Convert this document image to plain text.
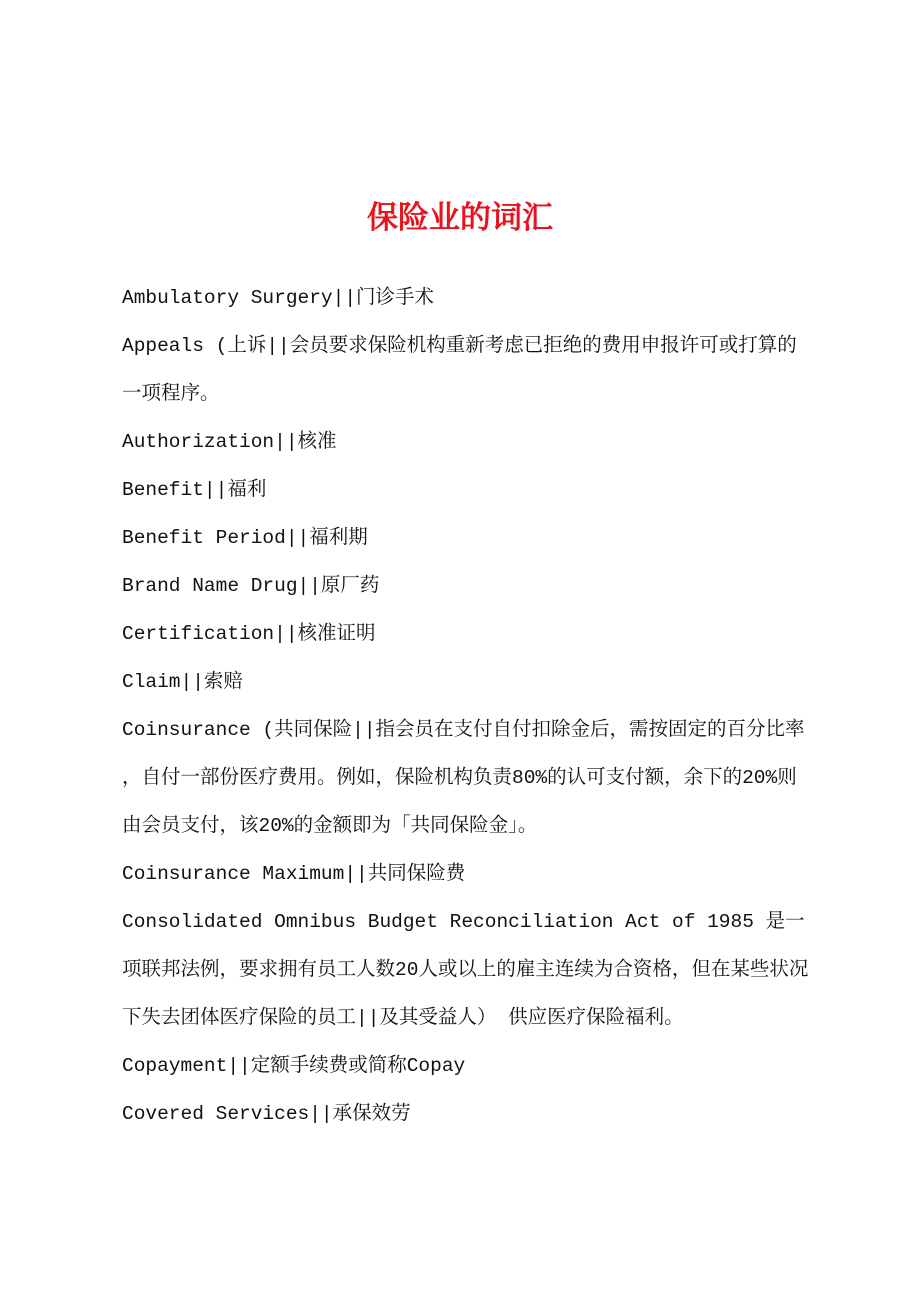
保险业的词汇
Ambulatory Surgery||门诊手术
Appeals (上诉||会员要求保险机构重新考虑已拒绝的费用申报许可或打算的一项程序。
Authorization||核准
Benefit||福利
Benefit Period||福利期
Brand Name Drug||原厂药
Certification||核准证明
Claim||索赔
Coinsurance (共同保险||指会员在支付自付扣除金后，需按固定的百分比率，自付一部份医疗费用。例如，保险机构负责80%的认可支付额，余下的20%则由会员支付，该20%的金额即为「共同保险金」。
Coinsurance Maximum||共同保险费
Consolidated Omnibus Budget Reconciliation Act of 1985 是一项联邦法例，要求拥有员工人数20人或以上的雇主连续为合资格，但在某些状况下失去团体医疗保险的员工||及其受益人） 供应医疗保险福利。
Copayment||定额手续费或简称Copay
Covered Services||承保效劳
